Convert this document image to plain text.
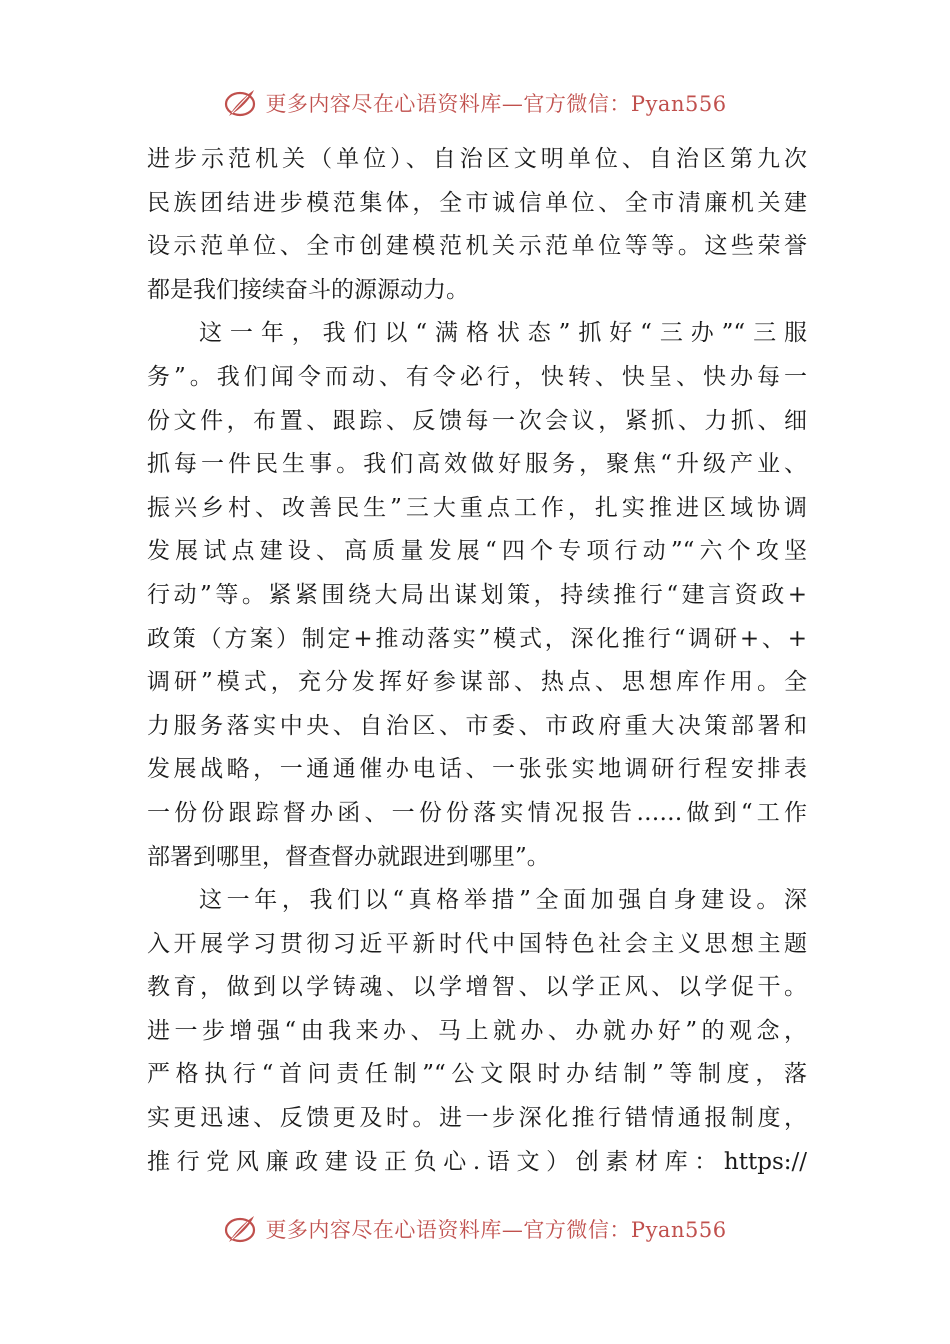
更多内容尽在心语资料库—官方微信：Pyan556
进步示范机关（单位）、自治区文明单位、自治区第九次
民族团结进步模范集体，全市诚信单位、全市清廉机关建
设示范单位、全市创建模范机关示范单位等等。这些荣誉
都是我们接续奋斗的源源动力。
这一年，我们以“满格状态”抓好“三办”“三服
务”。我们闻令而动、有令必行，快转、快呈、快办每一
份文件，布置、跟踪、反馈每一次会议，紧抓、力抓、细
抓每一件民生事。我们高效做好服务，聚焦“升级产业、
振兴乡村、改善民生”三大重点工作，扎实推进区域协调
发展试点建设、高质量发展“四个专项行动”“六个攻坚
行动”等。紧紧围绕大局出谋划策，持续推行“建言资政+
政策（方案）制定+推动落实”模式，深化推行“调研+、+
调研”模式，充分发挥好参谋部、热点、思想库作用。全
力服务落实中央、自治区、市委、市政府重大决策部署和
发展战略，一通通催办电话、一张张实地调研行程安排表
一份份跟踪督办函、一份份落实情况报告……做到“工作
部署到哪里，督查督办就跟进到哪里”。
这一年，我们以“真格举措”全面加强自身建设。深
入开展学习贯彻习近平新时代中国特色社会主义思想主题
教育，做到以学铸魂、以学增智、以学正风、以学促干。
进一步增强“由我来办、马上就办、办就办好”的观念，
严格执行“首问责任制”“公文限时办结制”等制度，落
实更迅速、反馈更及时。进一步深化推行错情通报制度，
推行党风廉政建设正负心.语文）创素材库：https://
更多内容尽在心语资料库—官方微信：Pyan556
